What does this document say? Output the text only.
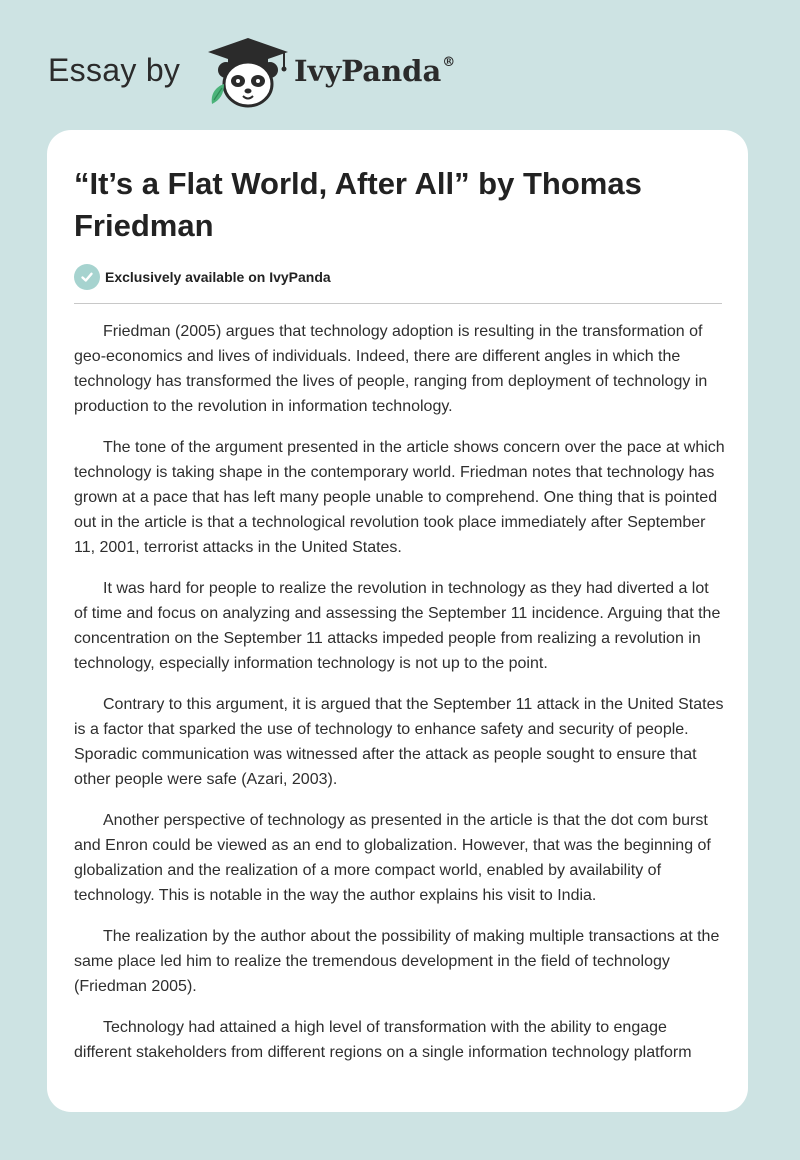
Essay by	IvyPanda®
“It’s a Flat World, After All” by Thomas Friedman
Exclusively available on IvyPanda

Friedman (2005) argues that technology adoption is resulting in the transformation of geo-economics and lives of individuals. Indeed, there are different angles in which the technology has transformed the lives of people, ranging from deployment of technology in production to the revolution in information technology.

The tone of the argument presented in the article shows concern over the pace at which technology is taking shape in the contemporary world. Friedman notes that technology has grown at a pace that has left many people unable to comprehend. One thing that is pointed out in the article is that a technological revolution took place immediately after September 11, 2001, terrorist attacks in the United States.

It was hard for people to realize the revolution in technology as they had diverted a lot of time and focus on analyzing and assessing the September 11 incidence. Arguing that the concentration on the September 11 attacks impeded people from realizing a revolution in technology, especially information technology is not up to the point.

Contrary to this argument, it is argued that the September 11 attack in the United States is a factor that sparked the use of technology to enhance safety and security of people. Sporadic communication was witnessed after the attack as people sought to ensure that other people were safe (Azari, 2003).

Another perspective of technology as presented in the article is that the dot com burst and Enron could be viewed as an end to globalization. However, that was the beginning of globalization and the realization of a more compact world, enabled by availability of technology. This is notable in the way the author explains his visit to India.

The realization by the author about the possibility of making multiple transactions at the same place led him to realize the tremendous development in the field of technology (Friedman 2005).

Technology had attained a high level of transformation with the ability to engage different stakeholders from different regions on a single information technology platform
